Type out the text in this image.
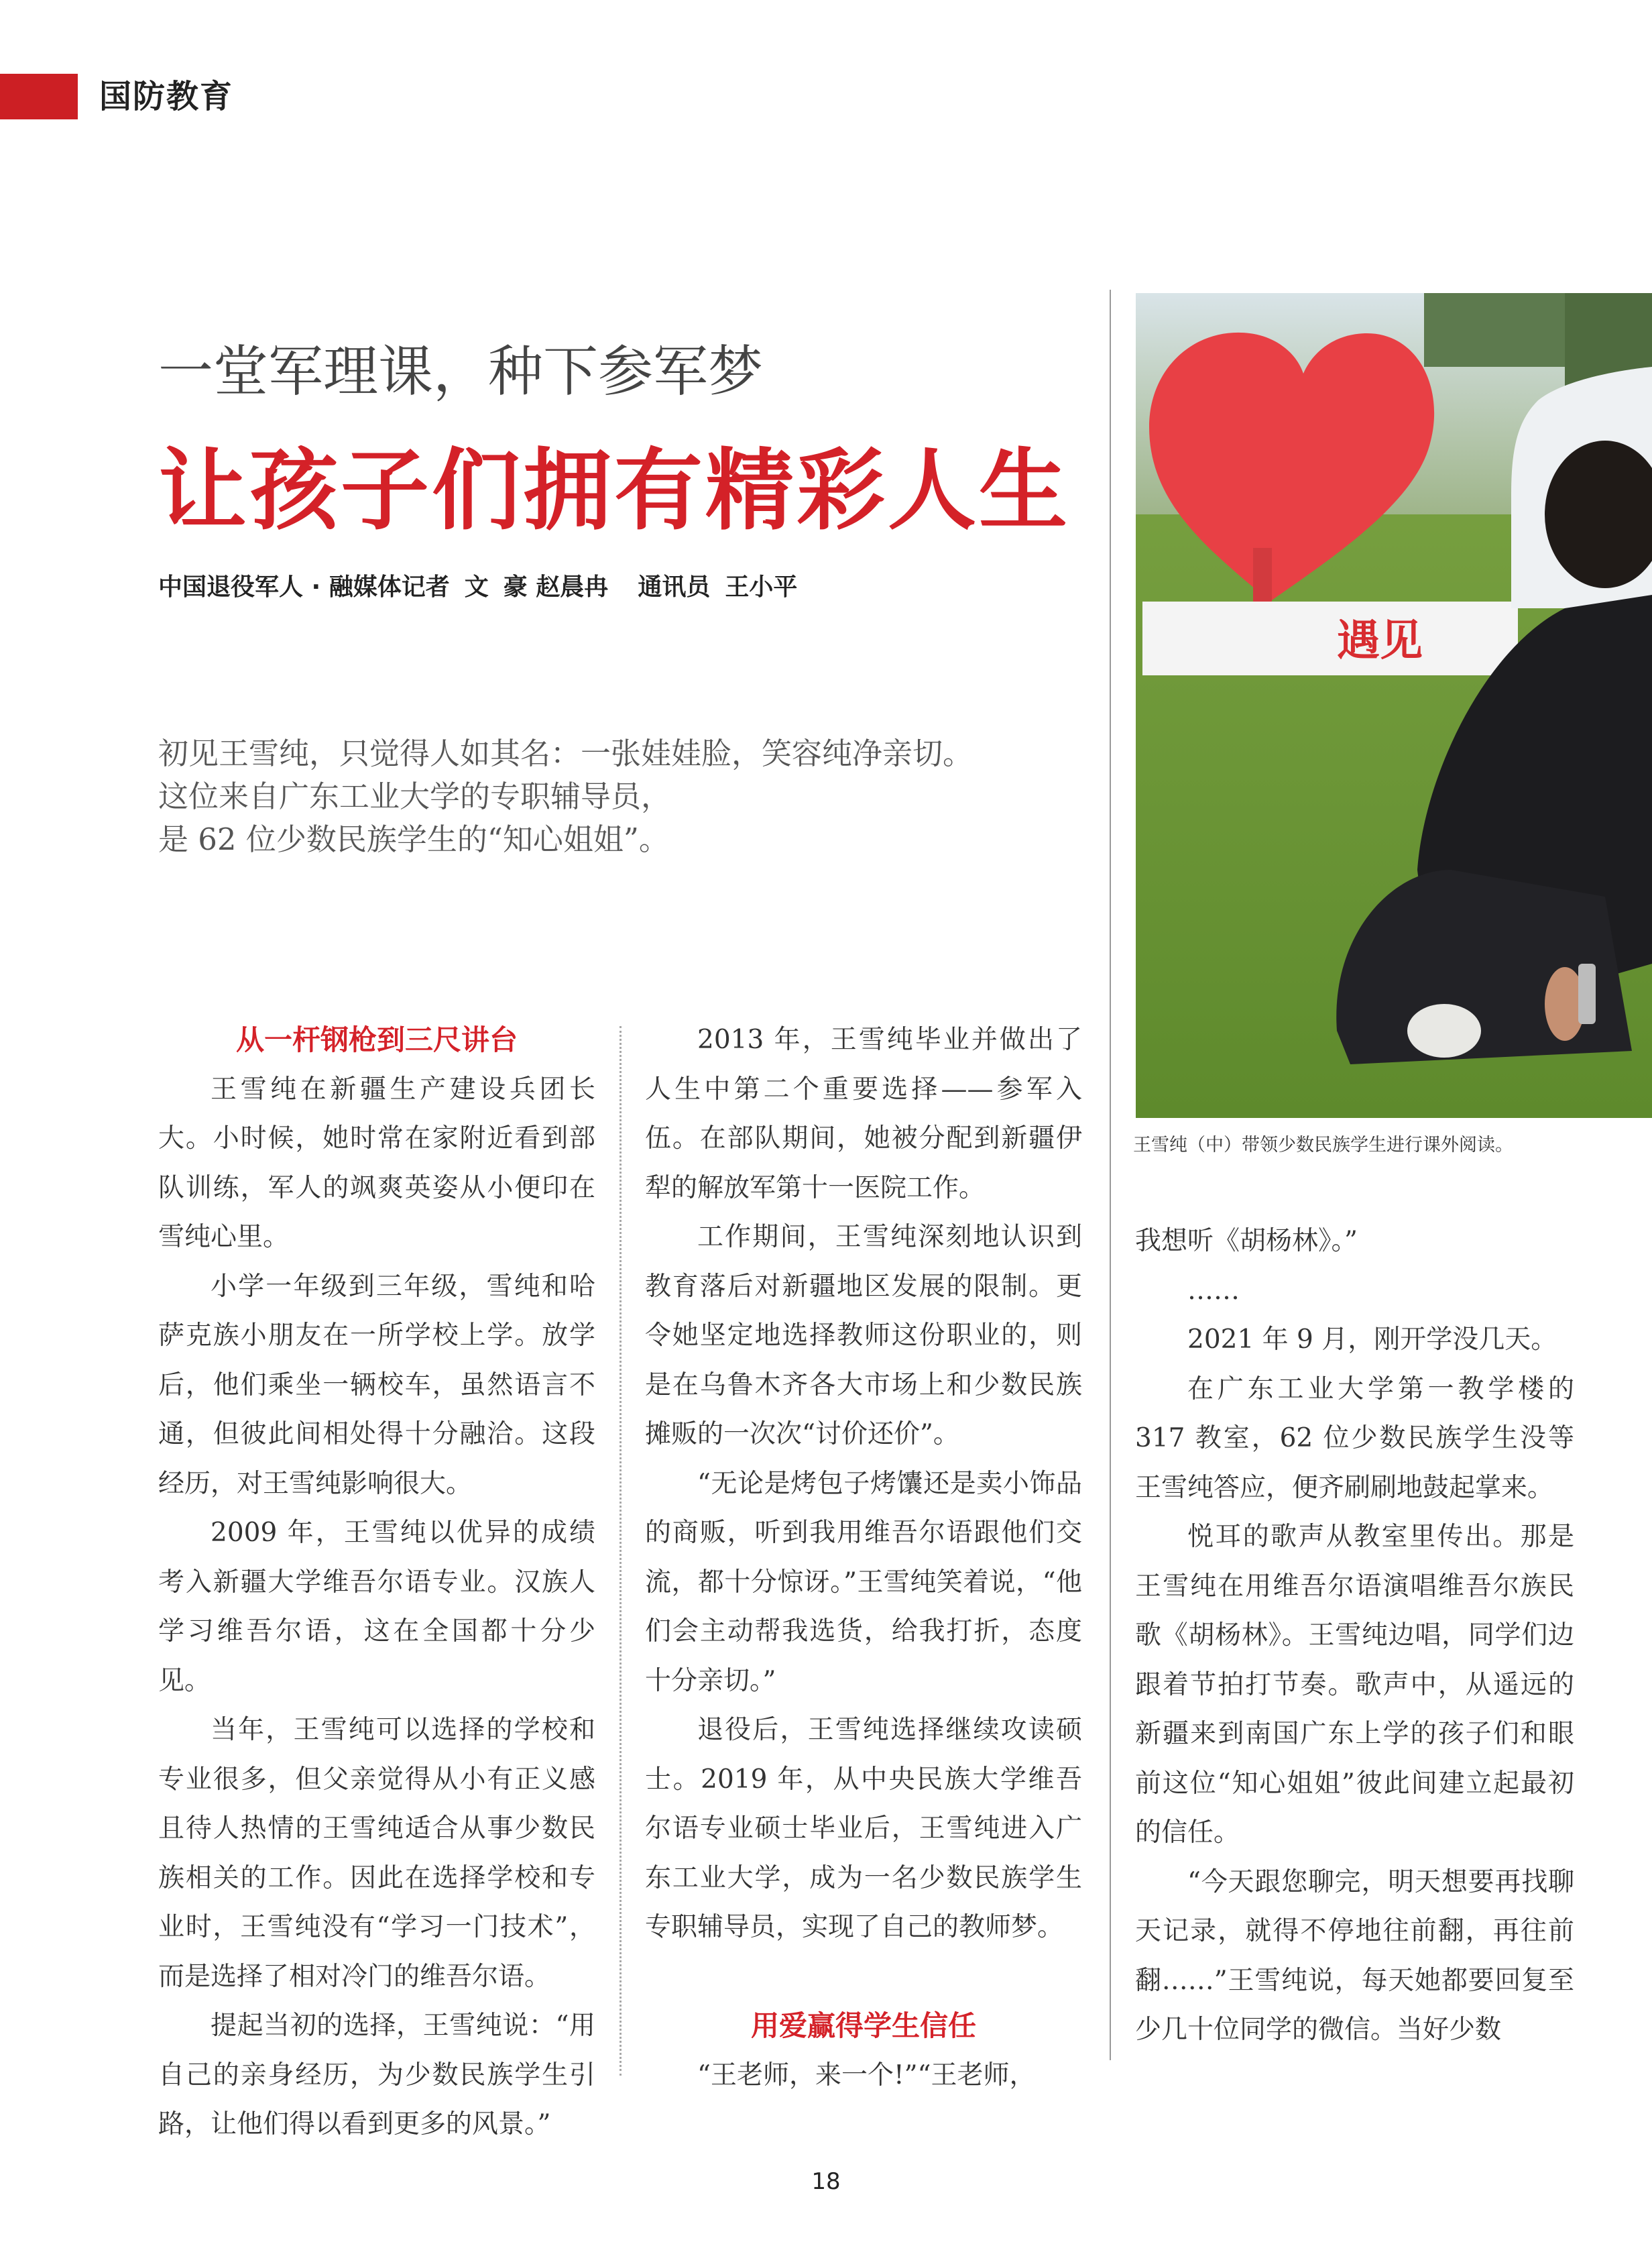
国防教育
一堂军理课，种下参军梦
让孩子们拥有精彩人生
中国退役军人 · 融媒体记者 文 豪 赵晨冉 通讯员 王小平
初见王雪纯，只觉得人如其名：一张娃娃脸，笑容纯净亲切。
这位来自广东工业大学的专职辅导员，
是 62 位少数民族学生的“知心姐姐”。

从一杆钢枪到三尺讲台

王雪纯在新疆生产建设兵团长大。小时候，她时常在家附近看到部队训练，军人的飒爽英姿从小便印在雪纯心里。

小学一年级到三年级，雪纯和哈萨克族小朋友在一所学校上学。放学后，他们乘坐一辆校车，虽然语言不通，但彼此间相处得十分融洽。这段经历，对王雪纯影响很大。

2009 年，王雪纯以优异的成绩考入新疆大学维吾尔语专业。汉族人学习维吾尔语，这在全国都十分少见。

当年，王雪纯可以选择的学校和专业很多，但父亲觉得从小有正义感且待人热情的王雪纯适合从事少数民族相关的工作。因此在选择学校和专业时，王雪纯没有“学习一门技术”，而是选择了相对冷门的维吾尔语。

提起当初的选择，王雪纯说：“用自己的亲身经历，为少数民族学生引路，让他们得以看到更多的风景。”

2013 年，王雪纯毕业并做出了人生中第二个重要选择——参军入伍。在部队期间，她被分配到新疆伊犁的解放军第十一医院工作。

工作期间，王雪纯深刻地认识到教育落后对新疆地区发展的限制。更令她坚定地选择教师这份职业的，则是在乌鲁木齐各大市场上和少数民族摊贩的一次次“讨价还价”。

“无论是烤包子烤馕还是卖小饰品的商贩，听到我用维吾尔语跟他们交流，都十分惊讶。”王雪纯笑着说，“他们会主动帮我选货，给我打折，态度十分亲切。”

退役后，王雪纯选择继续攻读硕士。2019 年，从中央民族大学维吾尔语专业硕士毕业后，王雪纯进入广东工业大学，成为一名少数民族学生专职辅导员，实现了自己的教师梦。

用爱赢得学生信任

“王老师，来一个!”“王老师，

我想听《胡杨林》。”

……

2021 年 9 月，刚开学没几天。

在广东工业大学第一教学楼的 317 教室，62 位少数民族学生没等王雪纯答应，便齐刷刷地鼓起掌来。

悦耳的歌声从教室里传出。那是王雪纯在用维吾尔语演唱维吾尔族民歌《胡杨林》。王雪纯边唱，同学们边跟着节拍打节奏。歌声中，从遥远的新疆来到南国广东上学的孩子们和眼前这位“知心姐姐”彼此间建立起最初的信任。

“今天跟您聊完，明天想要再找聊天记录，就得不停地往前翻，再往前翻……”王雪纯说，每天她都要回复至少几十位同学的微信。当好少数

遇见
王雪纯（中）带领少数民族学生进行课外阅读。
18
